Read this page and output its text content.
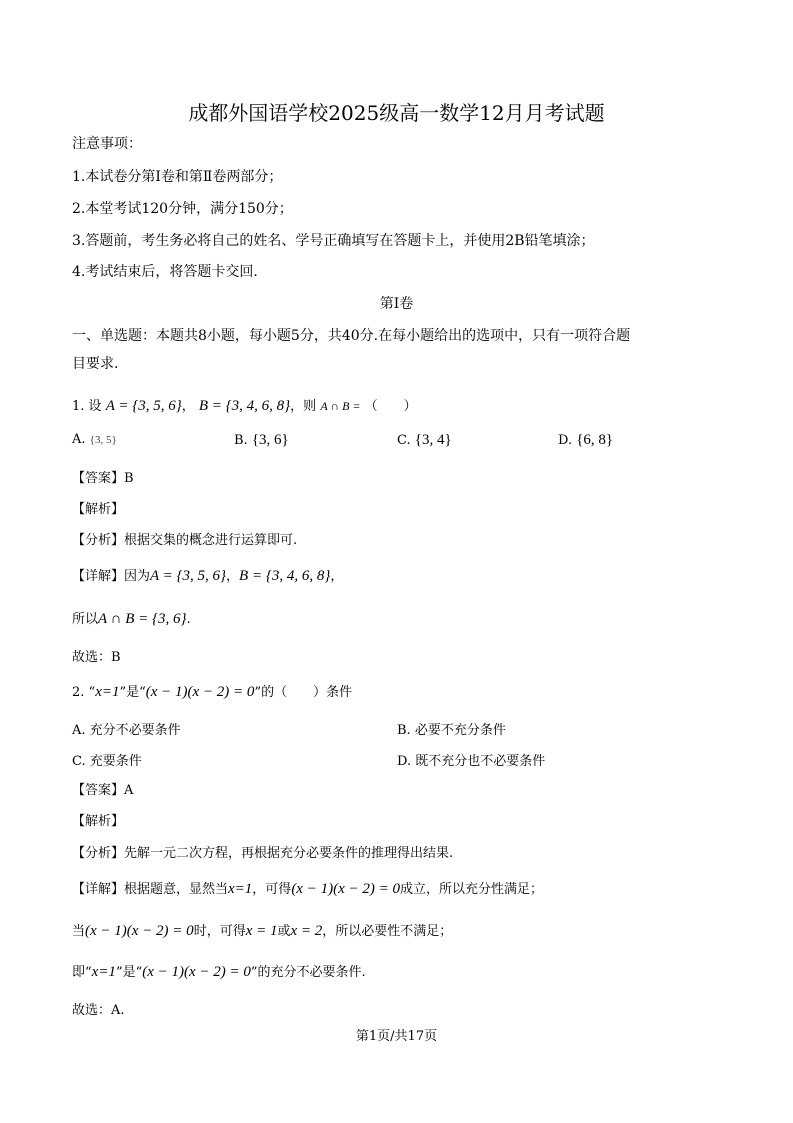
成都外国语学校2025级高一数学12月月考试题
注意事项：
1.本试卷分第Ⅰ卷和第Ⅱ卷两部分；
2.本堂考试120分钟，满分150分；
3.答题前，考生务必将自己的姓名、学号正确填写在答题卡上，并使用2B铅笔填涂；
4.考试结束后，将答题卡交回.
第Ⅰ卷
一、单选题：本题共8小题，每小题5分，共40分.在每小题给出的选项中，只有一项符合题
目要求.
1. 设 A = {3, 5, 6}， B = {3, 4, 6, 8}，则 A ∩ B = （　　）
A. {3, 5}	B. {3, 6}	C. {3, 4}	D. {6, 8}
【答案】B
【解析】
【分析】根据交集的概念进行运算即可.
【详解】因为A = {3, 5, 6}，B = {3, 4, 6, 8}，
所以A ∩ B = {3, 6}.
故选：B
2. “x=1”是“(x − 1)(x − 2) = 0”的（　　）条件
A. 充分不必要条件	B. 必要不充分条件
C. 充要条件	D. 既不充分也不必要条件
【答案】A
【解析】
【分析】先解一元二次方程，再根据充分必要条件的推理得出结果.
【详解】根据题意，显然当x=1，可得(x − 1)(x − 2) = 0成立，所以充分性满足；
当(x − 1)(x − 2) = 0时，可得x = 1或x = 2，所以必要性不满足；
即“x=1”是“(x − 1)(x − 2) = 0”的充分不必要条件.
故选：A.
第1页/共17页
